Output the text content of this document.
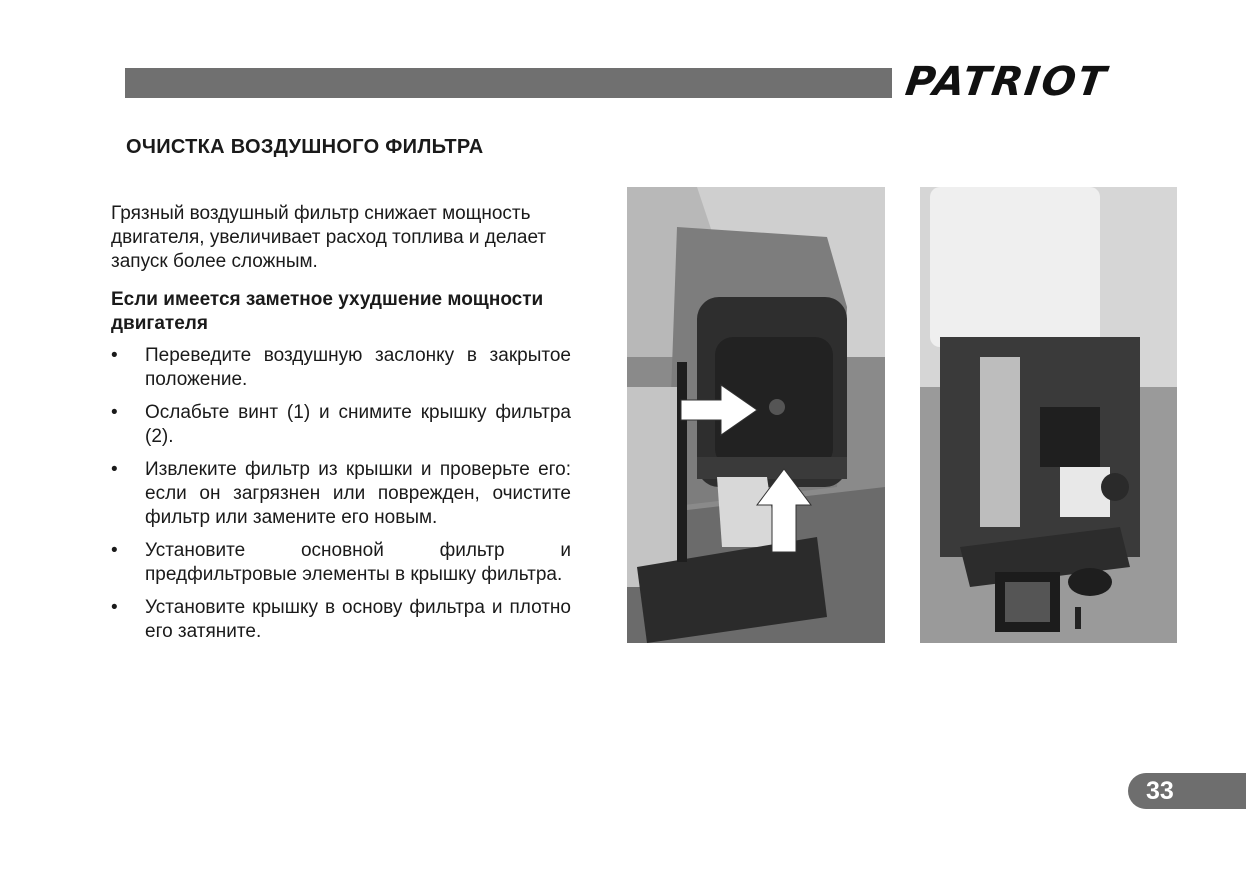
PATRIOT
ОЧИСТКА ВОЗДУШНОГО ФИЛЬТРА

Грязный воздушный фильтр снижает мощность двигателя, увеличивает расход топлива и делает запуск более сложным.

Если имеется заметное ухудшение мощности двигателя

• Переведите воздушную заслонку в закрытое положение.
• Ослабьте винт (1) и снимите крышку фильтра (2).
• Извлеките фильтр из крышки и проверьте его: если он загрязнен или поврежден, очистите фильтр или замените его новым.
• Установите основной фильтр и предфильтровые элементы в крышку фильтра.
• Установите крышку в основу фильтра и плотно его затяните.
33
